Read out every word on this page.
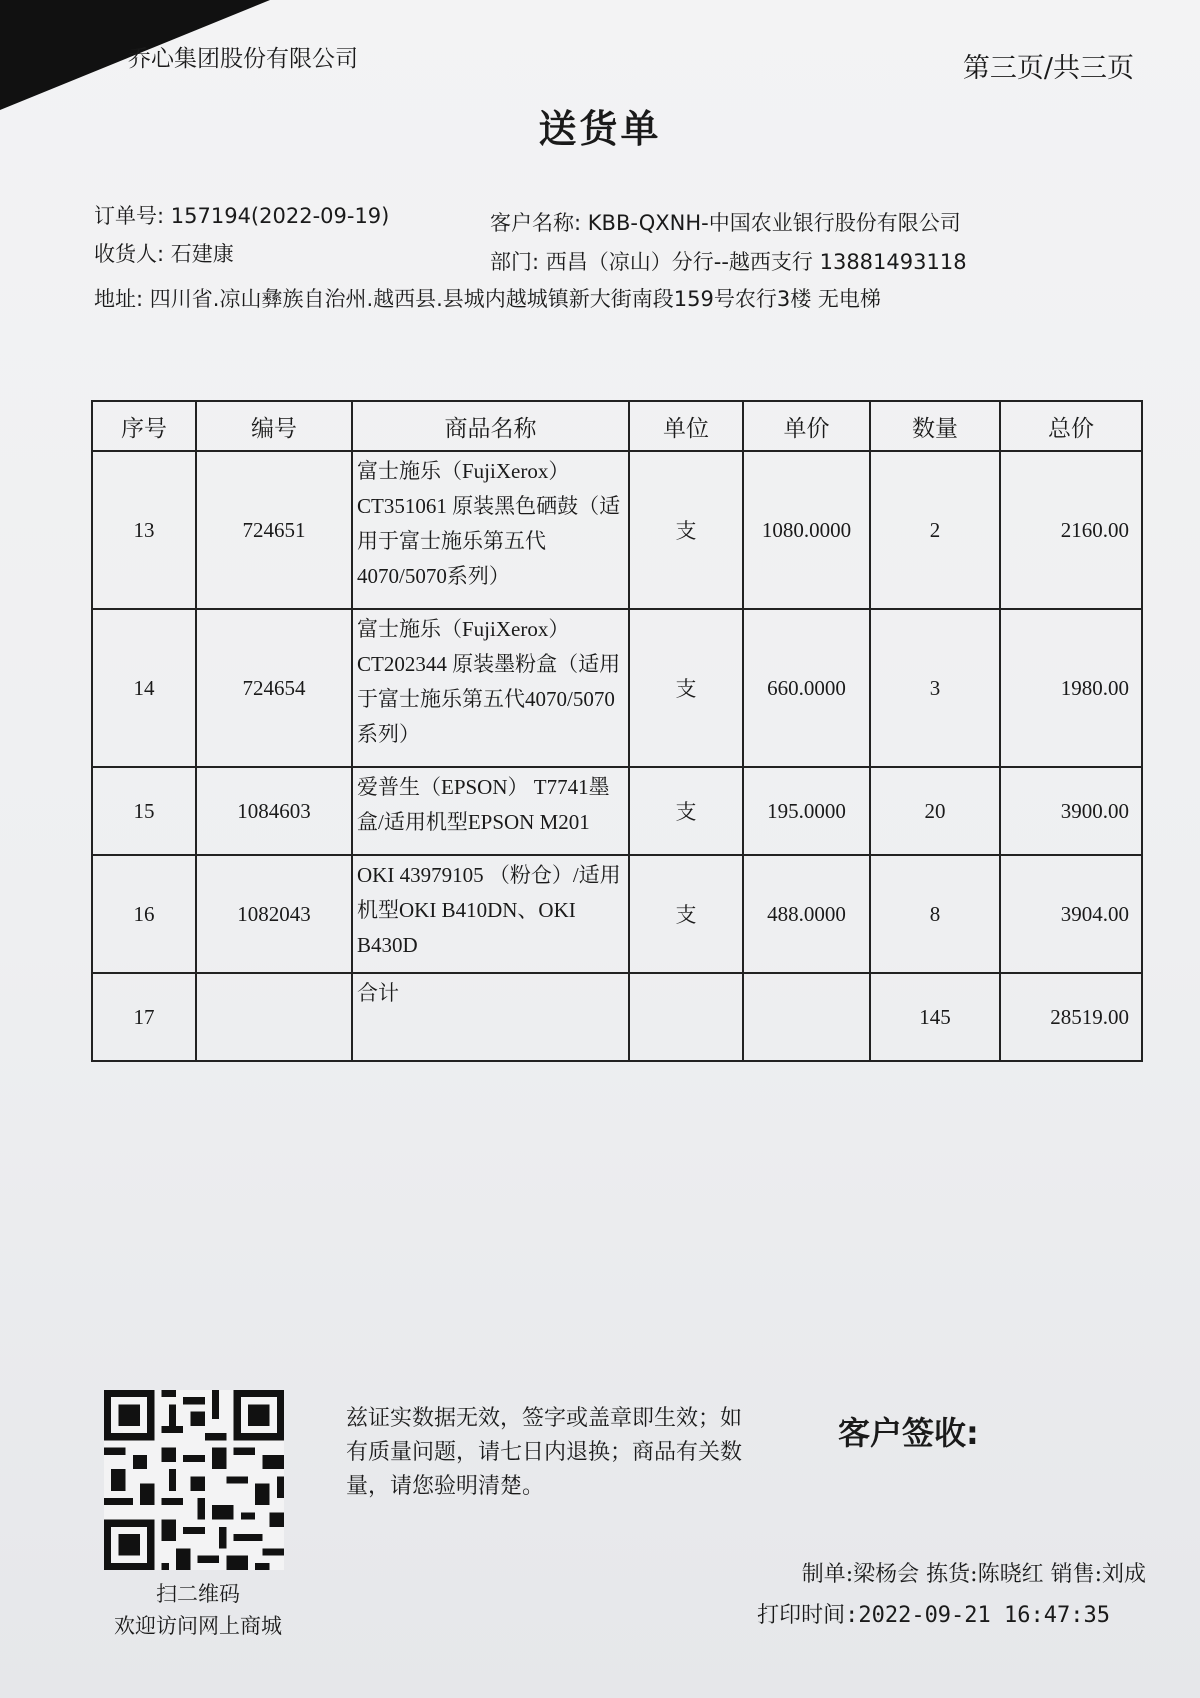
乔心集团股份有限公司	第三页/共三页
送货单
订单号: 157194(2022-09-19)	客户名称: KBB-QXNH-中国农业银行股份有限公司
收货人: 石建康	部门: 西昌（凉山）分行--越西支行 13881493118
地址: 四川省.凉山彝族自治州.越西县.县城内越城镇新大街南段159号农行3楼 无电梯
序号	编号	商品名称	单位	单价	数量	总价
13	724651	富士施乐（FujiXerox）CT351061 原装黑色硒鼓（适用于富士施乐第五代4070/5070系列）	支	1080.0000	2	2160.00
14	724654	富士施乐（FujiXerox）CT202344 原装墨粉盒（适用于富士施乐第五代4070/5070系列）	支	660.0000	3	1980.00
15	1084603	爱普生（EPSON） T7741墨盒/适用机型EPSON M201	支	195.0000	20	3900.00
16	1082043	OKI 43979105 （粉仓）/适用机型OKI B410DN、OKI B430D	支	488.0000	8	3904.00
17		合计			145	28519.00
扫二维码
欢迎访问网上商城
兹证实数据无效，签字或盖章即生效；如有质量问题，请七日内退换；商品有关数量，请您验明清楚。
客户签收:
制单:梁杨会 拣货:陈晓红 销售:刘成
打印时间:2022-09-21 16:47:35
